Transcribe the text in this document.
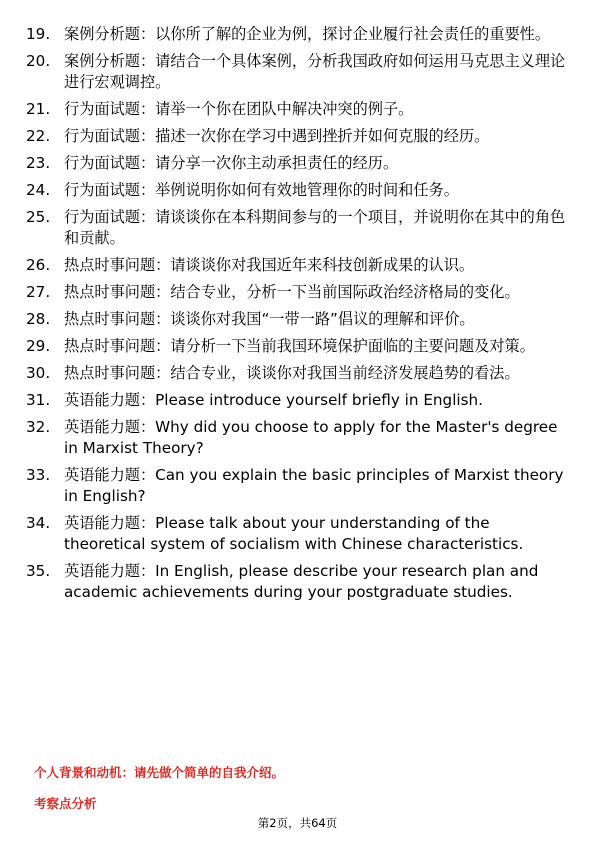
19. 案例分析题：以你所了解的企业为例，探讨企业履行社会责任的重要性。
20. 案例分析题：请结合一个具体案例，分析我国政府如何运用马克思主义理论进行宏观调控。
21. 行为面试题：请举一个你在团队中解决冲突的例子。
22. 行为面试题：描述一次你在学习中遇到挫折并如何克服的经历。
23. 行为面试题：请分享一次你主动承担责任的经历。
24. 行为面试题：举例说明你如何有效地管理你的时间和任务。
25. 行为面试题：请谈谈你在本科期间参与的一个项目，并说明你在其中的角色和贡献。
26. 热点时事问题：请谈谈你对我国近年来科技创新成果的认识。
27. 热点时事问题：结合专业，分析一下当前国际政治经济格局的变化。
28. 热点时事问题：谈谈你对我国“一带一路”倡议的理解和评价。
29. 热点时事问题：请分析一下当前我国环境保护面临的主要问题及对策。
30. 热点时事问题：结合专业，谈谈你对我国当前经济发展趋势的看法。
31. 英语能力题：Please introduce yourself briefly in English.
32. 英语能力题：Why did you choose to apply for the Master's degree in Marxist Theory?
33. 英语能力题：Can you explain the basic principles of Marxist theory in English?
34. 英语能力题：Please talk about your understanding of the theoretical system of socialism with Chinese characteristics.
35. 英语能力题：In English, please describe your research plan and academic achievements during your postgraduate studies.
个人背景和动机：请先做个简单的自我介绍。
考察点分析
第2页，共64页
